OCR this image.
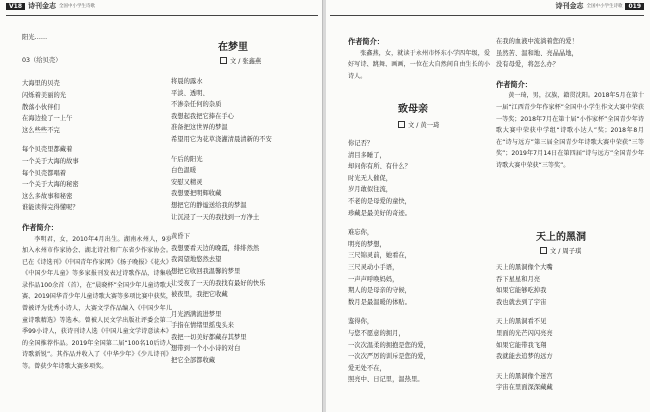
V18 诗刊金志 全国中小学生诗歌
阳光……

03（给贝壳）

大海里的贝壳
闪烁着美丽的光
散落小伙伴们
在海边捡了一上午
这么些些不完
每个贝壳里都藏着
一个关于大海的故事
每个贝壳都唱着
一个关于大海的秘密
这么多故事和秘密
谁能读得完得懂呢？
作者简介：
李明君，女，2010年4月出生。湖南永州人，9岁加入永州市作家协会、湖北诗社和广东省少作家协会。已在《诗选刊》《中国青年作家网》《扬子晚报》《花火》《中国少年儿童》等多家报刊发表过诗歌作品，诗集收录作品100余首（首），在“晨晓杯”全国少年儿童诗歌大赛、2019国华青少年儿童诗歌大赛等多项比赛中获奖，曾被评为优秀小诗人，大赛文学作品编入《中国少年儿童诗歌精选》等选本。曾被人民文学出版社评委会第二季99小诗人，获诗刊诗人选《中国儿童文学诗意读本》的全国推荐作品。2019年全国第二届“100名10后诗人诗歌新锐”。其作品并收入了《中华少年》《少儿诗刊》等。曾获少年诗歌大赛多项奖。
在梦里
文 / 张鑫燕
将晨的露水
平淡、透明、
不渗杂任何的杂质
我想起我把它捧在手心
准备把这世界的梦温
希望用它为花草浇灌清晨清新的不安
午后的阳光
白色温暖
安慰又精灵
我想要把明辉收藏
想把它的静谧送给我的梦温
让沉浸了一天的我找到一方净土
黄昏下
我想要看天边的晚霞，绯绯然然
我渴望地悠然去望
想把它收回我温馨的梦里
让受夜了一天的我找有最好的快乐
被夜里，我把它收藏
月光洒满流进梦里
手指在情绪里摇曳头来
我把一切美好都藏存其梦里
想带到一个小小诗的对白
把它全部都收藏
诗刊金志 全国中小学生诗歌	019
作者简介：
张鑫燕，女，就读于永州市怀东小学四年级，爱好写诗、跳舞、画画，一位在大自然间自由生长的小诗人。
致母亲
文 / 黄一琦
你记否？
清目多睡了，
却问你有所、有什么？
时光无人催促，
岁月敢似往流，
不老的是母爱的童快，
珍藏是最美好的奇迹。
难忘你，
明亮的梦想，
三尺锦灵前，她看在，
三尺灵动小手语，
一声声呼唤妈妈，
期人的是母亲的守候，
数月是最温暖的体贴。
鉴得你，
与您不愿意的拥月，
一次次温柔的拥抱是您的爱，
一次次严厉的训斥是您的爱，
爱无处不在，
照亮中、日记里，温热里。
在我的血液中流淌着您的爱！
虽然苦、温和地、亮晶晶地，
没有母爱，将怎么办？
作者简介：
黄一琦，男，汉族，籍贯沈阳。2018年5月在第十一届“江西青少年作家杯”全国中小学生作文大赛中荣获一等奖；2018年7月在第十届“小作家杯”全国青少年诗歌大赛中荣获中学组“诗歌小达人”奖；2018年8月在“诗与远方”第三届全国青少年诗歌大赛中荣获“三等奖”；2019年7月14日在第四届“诗与远方”全国青少年诗歌大赛中荣获“三等奖”。
天上的黑洞
文 / 周子琪
天上的黑洞像个大嘴
吞下星星和月亮
如果它能够吃掉我
我也就去到了宇宙
天上的黑洞看不见
里面的光芒闪闪亮亮
如果它能带我飞翔
我就能去追梦的远方
天上的黑洞像个迷宫
宇宙在里面深深藏藏
